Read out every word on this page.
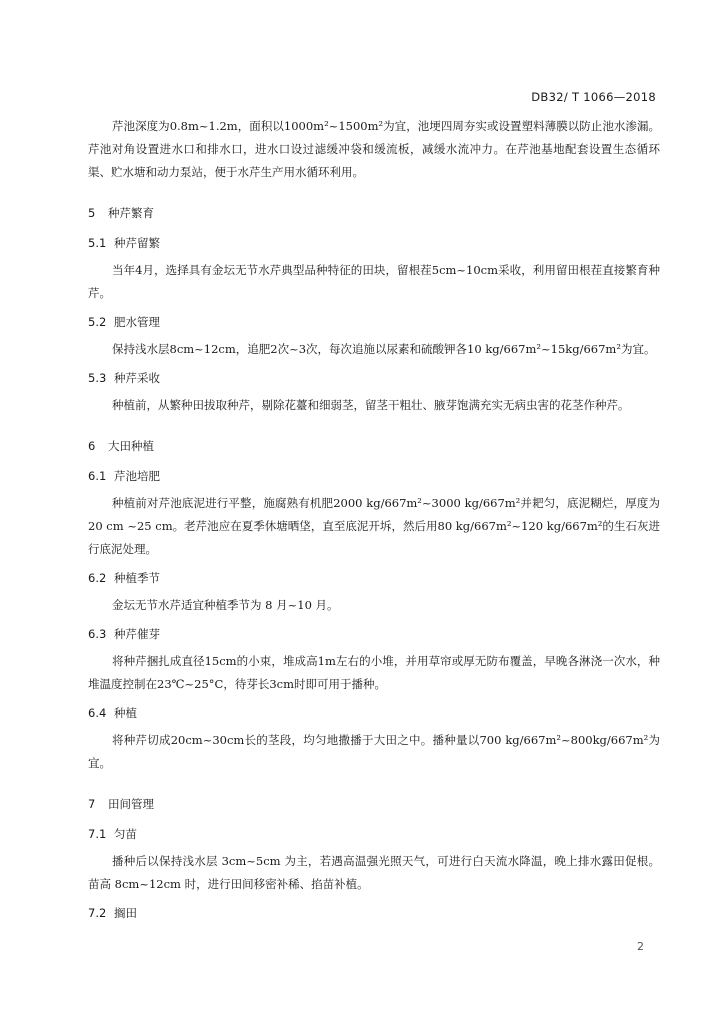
DB32/ T 1066—2018

芹池深度为0.8m~1.2m，面积以1000m²~1500m²为宜，池埂四周夯实或设置塑料薄膜以防止池水渗漏。芹池对角设置进水口和排水口，进水口设过滤缓冲袋和缓流板，减缓水流冲力。在芹池基地配套设置生态循环渠、贮水塘和动力泵站，便于水芹生产用水循环利用。

5 种芹繁育
5.1 种芹留繁

当年4月，选择具有金坛无节水芹典型品种特征的田块，留根茬5cm~10cm采收，利用留田根茬直接繁育种芹。

5.2 肥水管理

保持浅水层8cm~12cm，追肥2次~3次，每次追施以尿素和硫酸钾各10 kg/667m²~15kg/667m²为宜。

5.3 种芹采收

种植前，从繁种田拔取种芹，剔除花薹和细弱茎，留茎干粗壮、腋芽饱满充实无病虫害的花茎作种芹。

6 大田种植
6.1 芹池培肥

种植前对芹池底泥进行平整，施腐熟有机肥2000 kg/667m²~3000 kg/667m²并耙匀，底泥糊烂，厚度为20 cm ~25 cm。老芹池应在夏季休塘晒垡，直至底泥开坼，然后用80 kg/667m²~120 kg/667m²的生石灰进行底泥处理。

6.2 种植季节

金坛无节水芹适宜种植季节为 8 月~10 月。

6.3 种芹催芽

将种芹捆扎成直径15cm的小束，堆成高1m左右的小堆，并用草帘或厚无防布覆盖，早晚各淋浇一次水，种堆温度控制在23℃~25°C，待芽长3cm时即可用于播种。

6.4 种植

将种芹切成20cm~30cm长的茎段，均匀地撒播于大田之中。播种量以700 kg/667m²~800kg/667m²为宜。

7 田间管理
7.1 匀苗

播种后以保持浅水层 3cm~5cm 为主，若遇高温强光照天气，可进行白天流水降温，晚上排水露田促根。苗高 8cm~12cm 时，进行田间移密补稀、掐苗补植。

7.2 搁田
2
